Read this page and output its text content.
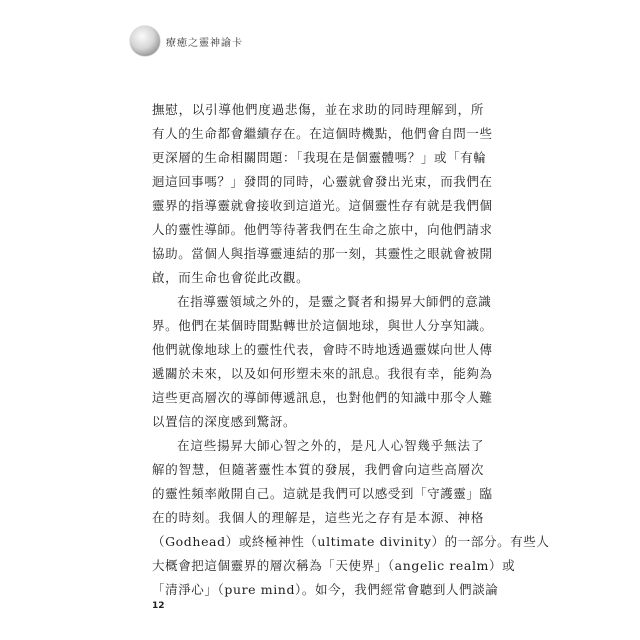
療癒之靈神諭卡

撫慰，以引導他們度過悲傷，並在求助的同時理解到，所
有人的生命都會繼續存在。在這個時機點，他們會自問一些
更深層的生命相關問題：「我現在是個靈體嗎？」或「有輪
迴這回事嗎？」發問的同時，心靈就會發出光束，而我們在
靈界的指導靈就會接收到這道光。這個靈性存有就是我們個
人的靈性導師。他們等待著我們在生命之旅中，向他們請求
協助。當個人與指導靈連結的那一刻，其靈性之眼就會被開
啟，而生命也會從此改觀。

在指導靈領域之外的，是靈之賢者和揚昇大師們的意識
界。他們在某個時間點轉世於這個地球，與世人分享知識。
他們就像地球上的靈性代表，會時不時地透過靈媒向世人傳
遞關於未來，以及如何形塑未來的訊息。我很有幸，能夠為
這些更高層次的導師傳遞訊息，也對他們的知識中那令人難
以置信的深度感到驚訝。

在這些揚昇大師心智之外的，是凡人心智幾乎無法了
解的智慧，但隨著靈性本質的發展，我們會向這些高層次
的靈性頻率敞開自己。這就是我們可以感受到「守護靈」臨
在的時刻。我個人的理解是，這些光之存有是本源、神格
（Godhead）或終極神性（ultimate divinity）的一部分。有些人
大概會把這個靈界的層次稱為「天使界」（angelic realm）或
「清淨心」（pure mind）。如今，我們經常會聽到人們談論

12
